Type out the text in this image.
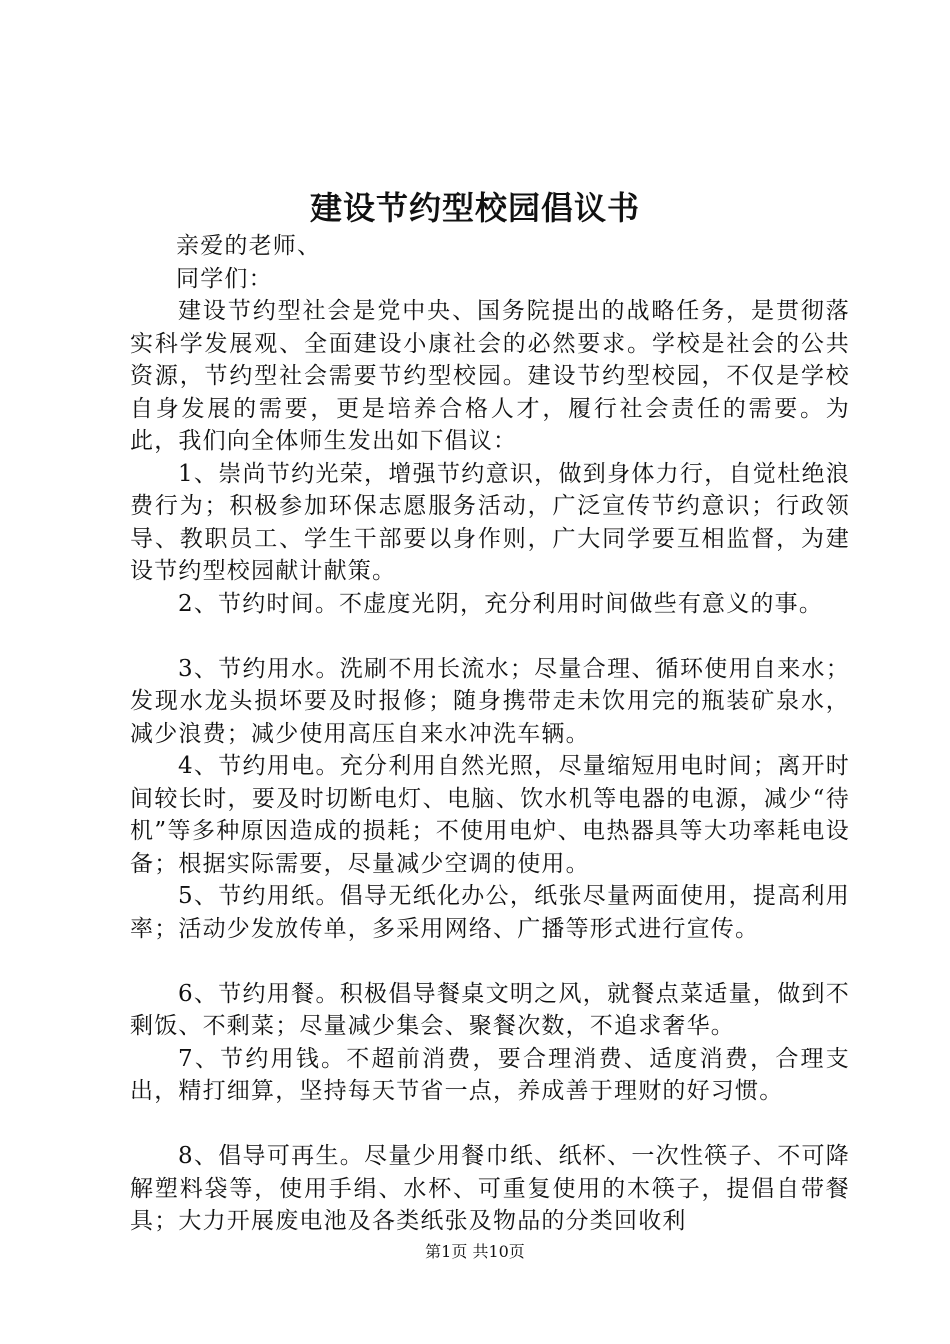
建设节约型校园倡议书

亲爱的老师、

同学们：

建设节约型社会是党中央、国务院提出的战略任务，是贯彻落实科学发展观、全面建设小康社会的必然要求。学校是社会的公共资源，节约型社会需要节约型校园。建设节约型校园，不仅是学校自身发展的需要，更是培养合格人才，履行社会责任的需要。为此，我们向全体师生发出如下倡议：

1、崇尚节约光荣，增强节约意识，做到身体力行，自觉杜绝浪费行为；积极参加环保志愿服务活动，广泛宣传节约意识；行政领导、教职员工、学生干部要以身作则，广大同学要互相监督，为建设节约型校园献计献策。

2、节约时间。不虚度光阴，充分利用时间做些有意义的事。

3、节约用水。洗刷不用长流水；尽量合理、循环使用自来水；发现水龙头损坏要及时报修；随身携带走未饮用完的瓶装矿泉水，减少浪费；减少使用高压自来水冲洗车辆。

4、节约用电。充分利用自然光照，尽量缩短用电时间；离开时间较长时，要及时切断电灯、电脑、饮水机等电器的电源，减少“待机”等多种原因造成的损耗；不使用电炉、电热器具等大功率耗电设备；根据实际需要，尽量减少空调的使用。

5、节约用纸。倡导无纸化办公，纸张尽量两面使用，提高利用率；活动少发放传单，多采用网络、广播等形式进行宣传。

6、节约用餐。积极倡导餐桌文明之风，就餐点菜适量，做到不剩饭、不剩菜；尽量减少集会、聚餐次数，不追求奢华。

7、节约用钱。不超前消费，要合理消费、适度消费，合理支出，精打细算，坚持每天节省一点，养成善于理财的好习惯。

8、倡导可再生。尽量少用餐巾纸、纸杯、一次性筷子、不可降解塑料袋等，使用手绢、水杯、可重复使用的木筷子，提倡自带餐具；大力开展废电池及各类纸张及物品的分类回收利

第1页 共10页
